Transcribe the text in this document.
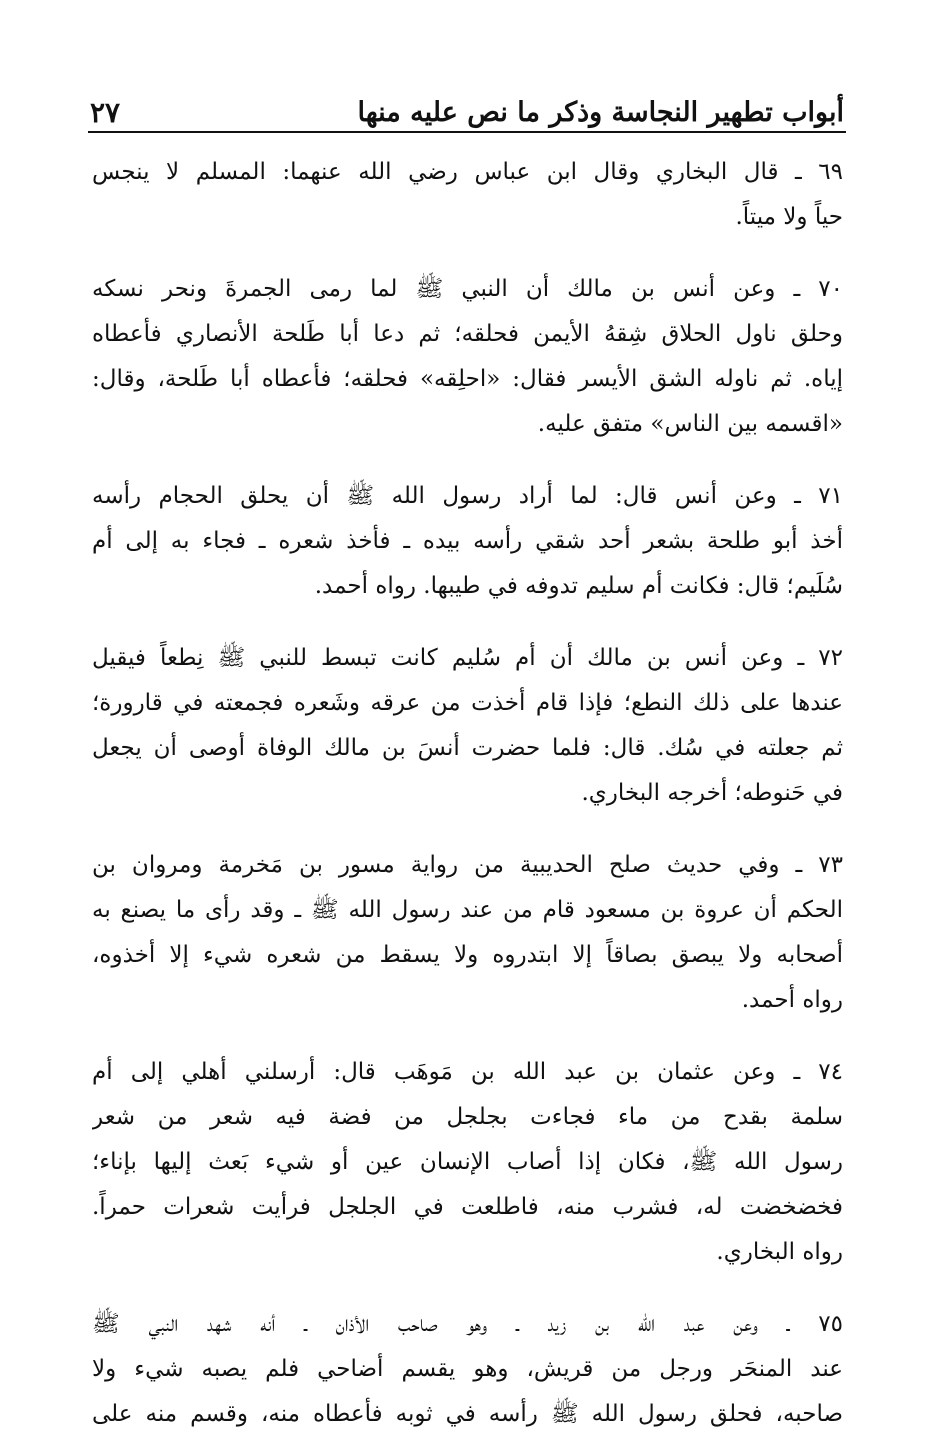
أبواب تطهير النجاسة وذكر ما نص عليه منها
٢٧
٦٩ ـ قال البخاري وقال ابن عباس رضي الله عنهما: المسلم لا ينجس
حياً ولا ميتاً.
٧٠ ـ وعن أنس بن مالك أن النبي ﷺ لما رمى الجمرةَ ونحر نسكه
وحلق ناول الحلاق شِقهُ الأيمن فحلقه؛ ثم دعا أبا طَلحة الأنصاري فأعطاه
إياه. ثم ناوله الشق الأيسر فقال: «احلِقه» فحلقه؛ فأعطاه أبا طَلحة، وقال:
«اقسمه بين الناس» متفق عليه.
٧١ ـ وعن أنس قال: لما أراد رسول الله ﷺ أن يحلق الحجام رأسه
أخذ أبو طلحة بشعر أحد شقي رأسه بيده ـ فأخذ شعره ـ فجاء به إلى أم
سُلَيم؛ قال: فكانت أم سليم تدوفه في طيبها. رواه أحمد.
٧٢ ـ وعن أنس بن مالك أن أم سُليم كانت تبسط للنبي ﷺ نِطعاً فيقيل
عندها على ذلك النطع؛ فإذا قام أخذت من عرقه وشَعره فجمعته في قارورة؛
ثم جعلته في سُك. قال: فلما حضرت أنسَ بن مالك الوفاة أوصى أن يجعل
في حَنوطه؛ أخرجه البخاري.
٧٣ ـ وفي حديث صلح الحديبية من رواية مسور بن مَخرمة ومروان بن
الحكم أن عروة بن مسعود قام من عند رسول الله ﷺ ـ وقد رأى ما يصنع به
أصحابه ولا يبصق بصاقاً إلا ابتدروه ولا يسقط من شعره شيء إلا أخذوه،
رواه أحمد.
٧٤ ـ وعن عثمان بن عبد الله بن مَوهَب قال: أرسلني أهلي إلى أم
سلمة بقدح من ماء فجاءت بجلجل من فضة فيه شعر من شعر
رسول الله ﷺ، فكان إذا أصاب الإنسان عين أو شيء بَعث إليها بإناء؛
فخضخضت له، فشرب منه، فاطلعت في الجلجل فرأيت شعرات حمراً.
رواه البخاري.
٧٥ ـ وعن عبد الله بن زيد ـ وهو صاحب الأذان ـ أنه شهد النبي ﷺ
عند المنحَر ورجل من قريش، وهو يقسم أضاحي فلم يصبه شيء ولا
صاحبه، فحلق رسول الله ﷺ رأسه في ثوبه فأعطاه منه، وقسم منه على
